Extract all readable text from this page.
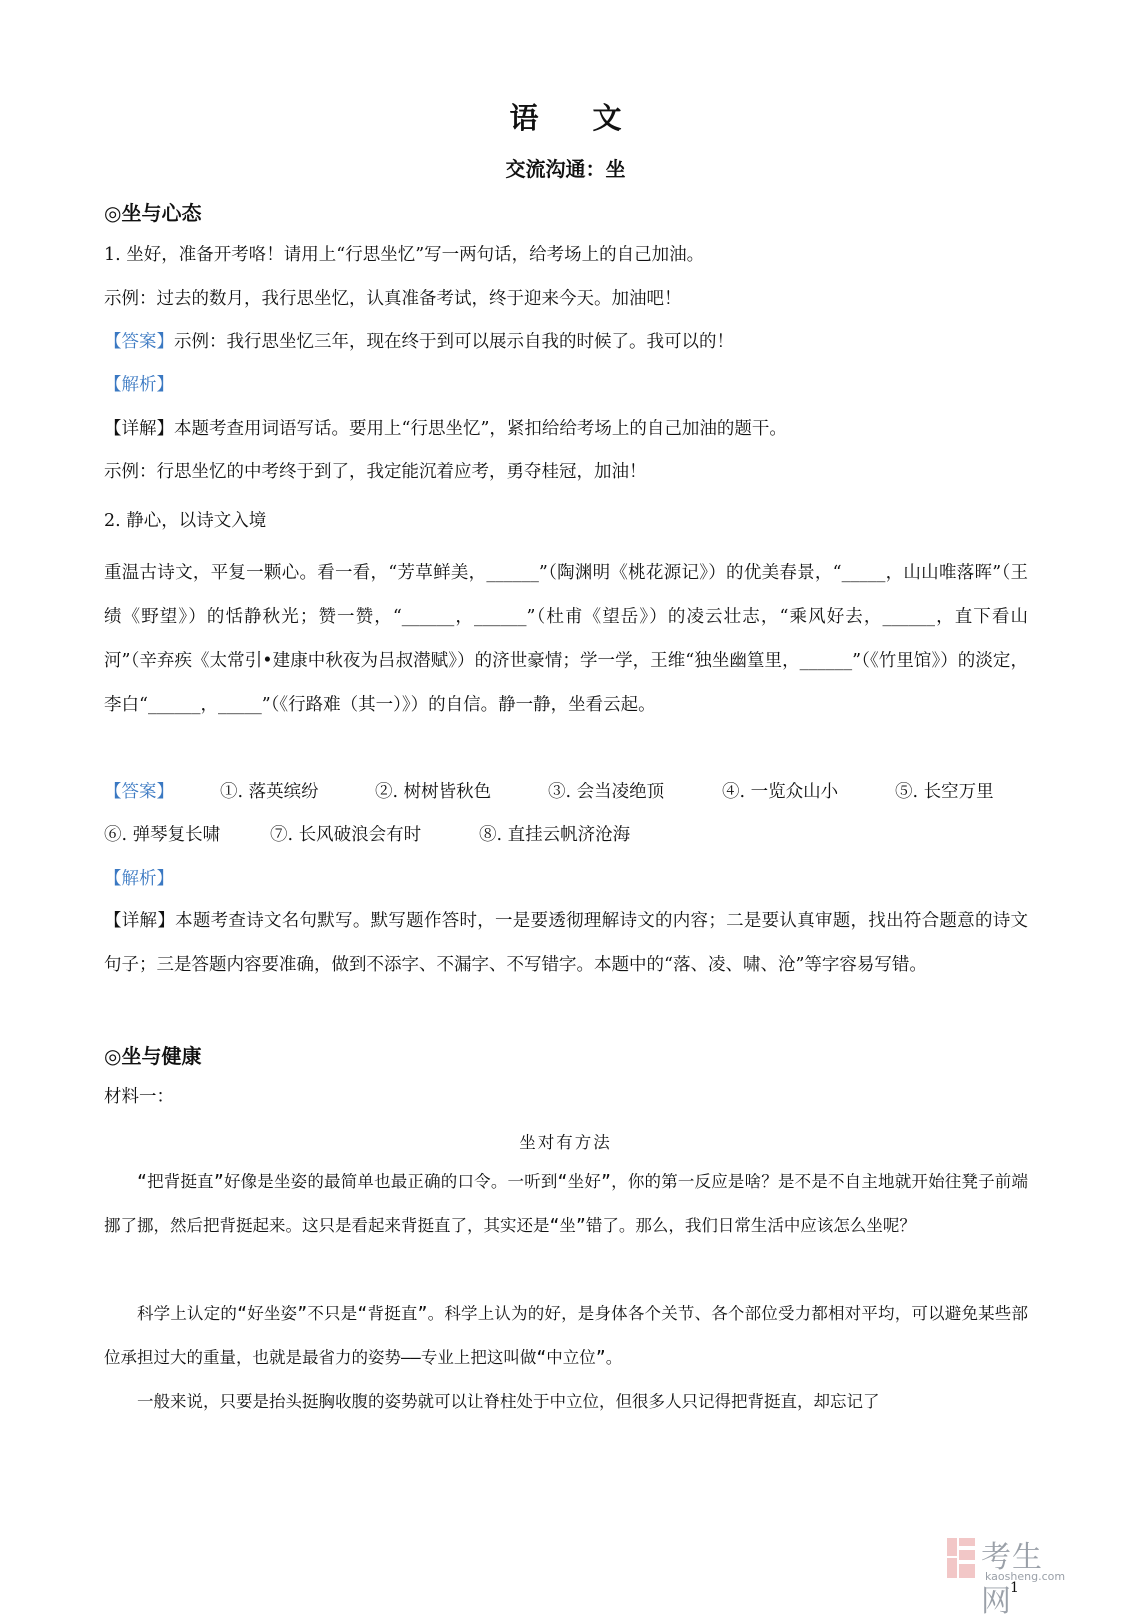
语 文
交流沟通：坐
◎坐与心态
1. 坐好，准备开考咯！请用上“行思坐忆”写一两句话，给考场上的自己加油。
示例：过去的数月，我行思坐忆，认真准备考试，终于迎来今天。加油吧！
【答案】示例：我行思坐忆三年，现在终于到可以展示自我的时候了。我可以的！
【解析】
【详解】本题考查用词语写话。要用上“行思坐忆”，紧扣给给考场上的自己加油的题干。
示例：行思坐忆的中考终于到了，我定能沉着应考，勇夺桂冠，加油！
2. 静心，以诗文入境
重温古诗文，平复一颗心。看一看，“芳草鲜美，______”（陶渊明《桃花源记》）的优美春景，“_____，山山唯落晖”（王绩《野望》）的恬静秋光；赞一赞，“______，______”（杜甫《望岳》）的凌云壮志，“乘风好去，______，直下看山河”（辛弃疾《太常引•建康中秋夜为吕叔潜赋》）的济世豪情；学一学，王维“独坐幽篁里，______”（《竹里馆》）的淡定，李白“______，_____”（《行路难（其一）》）的自信。静一静，坐看云起。
【答案】	①. 落英缤纷	②. 树树皆秋色	③. 会当凌绝顶	④. 一览众山小	⑤. 长空万里
⑥. 弹琴复长啸	⑦. 长风破浪会有时	⑧. 直挂云帆济沧海
【解析】
【详解】本题考查诗文名句默写。默写题作答时，一是要透彻理解诗文的内容；二是要认真审题，找出符合题意的诗文句子；三是答题内容要准确，做到不添字、不漏字、不写错字。本题中的“落、凌、啸、沧”等字容易写错。
◎坐与健康
材料一：
坐对有方法
“把背挺直”好像是坐姿的最简单也最正确的口令。一听到“坐好”，你的第一反应是啥？是不是不自主地就开始往凳子前端挪了挪，然后把背挺起来。这只是看起来背挺直了，其实还是“坐”错了。那么，我们日常生活中应该怎么坐呢？
科学上认定的“好坐姿”不只是“背挺直”。科学上认为的好，是身体各个关节、各个部位受力都相对平均，可以避免某些部位承担过大的重量，也就是最省力的姿势——专业上把这叫做“中立位”。
一般来说，只要是抬头挺胸收腹的姿势就可以让脊柱处于中立位，但很多人只记得把背挺直，却忘记了
考生网
kaosheng.com
1
